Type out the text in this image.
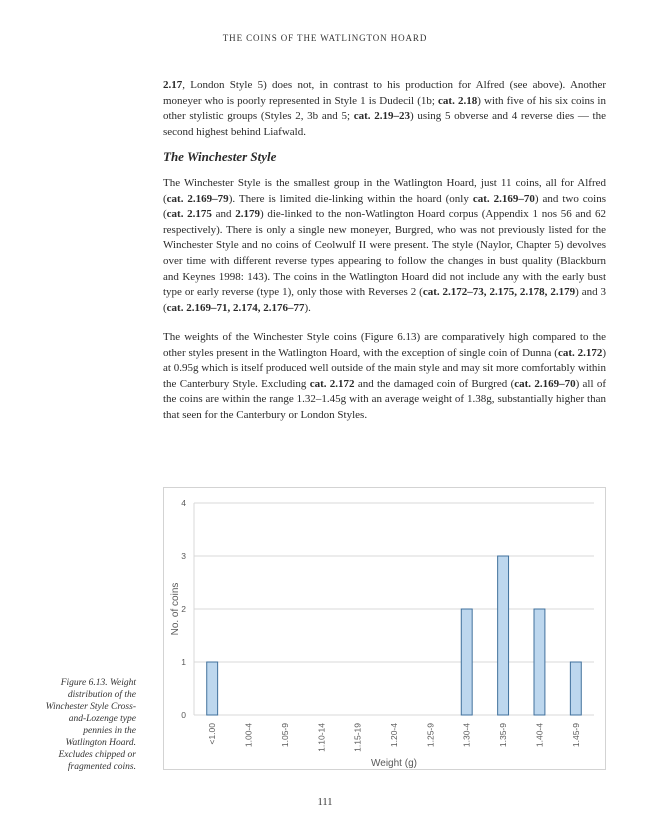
THE COINS OF THE WATLINGTON HOARD

2.17, London Style 5) does not, in contrast to his production for Alfred (see above). Another moneyer who is poorly represented in Style 1 is Dudecil (1b; cat. 2.18) with five of his six coins in other stylistic groups (Styles 2, 3b and 5; cat. 2.19–23) using 5 obverse and 4 reverse dies — the second highest behind Liafwald.

The Winchester Style

The Winchester Style is the smallest group in the Watlington Hoard, just 11 coins, all for Alfred (cat. 2.169–79). There is limited die-linking within the hoard (only cat. 2.169–70) and two coins (cat. 2.175 and 2.179) die-linked to the non-Watlington Hoard corpus (Appendix 1 nos 56 and 62 respectively). There is only a single new moneyer, Burgred, who was not previously listed for the Winchester Style and no coins of Ceolwulf II were present. The style (Naylor, Chapter 5) devolves over time with different reverse types appearing to follow the changes in bust quality (Blackburn and Keynes 1998: 143). The coins in the Watlington Hoard did not include any with the early bust type or early reverse (type 1), only those with Reverses 2 (cat. 2.172–73, 2.175, 2.178, 2.179) and 3 (cat. 2.169–71, 2.174, 2.176–77).

The weights of the Winchester Style coins (Figure 6.13) are comparatively high compared to the other styles present in the Watlington Hoard, with the exception of single coin of Dunna (cat. 2.172) at 0.95g which is itself produced well outside of the main style and may sit more comfortably within the Canterbury Style. Excluding cat. 2.172 and the damaged coin of Burgred (cat. 2.169–70) all of the coins are within the range 1.32–1.45g with an average weight of 1.38g, substantially higher than that seen for the Canterbury or London Styles.

0
1
2
3
4
<1.00	1.00-4	1.05-9	1.10-14	1.15-19	1.20-4	1.25-9	1.30-4	1.35-9	1.40-4	1.45-9
No. of coins
Weight (g)
Figure 6.13. Weight distribution of the Winchester Style Cross-and-Lozenge type pennies in the Watlington Hoard. Excludes chipped or fragmented coins.
111
